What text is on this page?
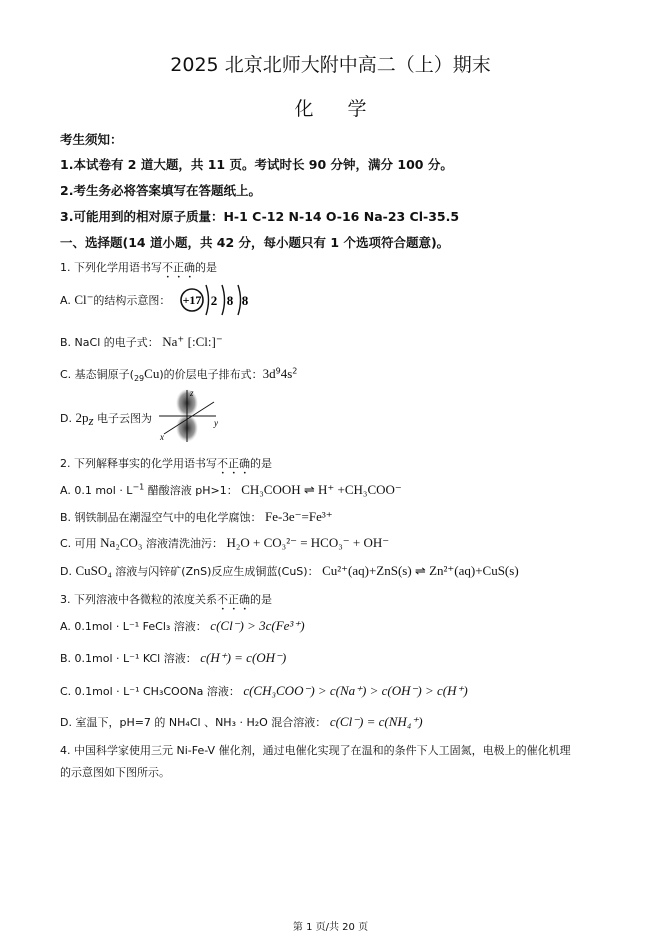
2025 北京北师大附中高二（上）期末
化学
考生须知：
1.本试卷有 2 道大题，共 11 页。考试时长 90 分钟，满分 100 分。
2.考生务必将答案填写在答题纸上。
3.可能用到的相对原子质量：H-1 C-12 N-14 O-16 Na-23 Cl-35.5
一、选择题(14 道小题，共 42 分，每小题只有 1 个选项符合题意)。
1. 下列化学用语书写不正确的是
A. Cl−的结构示意图： +17 2 8 8
B. NaCl 的电子式： Na+ [:Cl:]−
C. 基态铜原子$(_{29}Cu)$的价层电子排布式：$3d^94s^2$
D. $2p_z$ 电子云图为
x
y
z
2. 下列解释事实的化学用语书写不正确的是
A. 0.1 mol · $L^{-1}$ 醋酸溶液 pH>1： CH₃COOH ⇌ H⁺ +CH₃COO⁻
B. 钢铁制品在潮湿空气中的电化学腐蚀： Fe-3e⁻=Fe³⁺
C. 可用 Na₂CO₃ 溶液清洗油污： H₂O + CO₃²⁻ = HCO₃⁻ + OH⁻
D. CuSO₄ 溶液与闪锌矿(ZnS)反应生成铜蓝(CuS)： Cu²⁺(aq)+ZnS(s) ⇌ Zn²⁺(aq)+CuS(s)
3. 下列溶液中各微粒的浓度关系不正确的是
A. 0.1mol · L⁻¹ FeCl₃ 溶液： c(Cl⁻) > 3c(Fe³⁺)
B. 0.1mol · L⁻¹ KCl 溶液： c(H⁺) = c(OH⁻)
C. 0.1mol · L⁻¹ CH₃COONa 溶液： c(CH₃COO⁻) > c(Na⁺) > c(OH⁻) > c(H⁺)
D. 室温下，pH=7 的 NH₄Cl 、NH₃ · H₂O 混合溶液： c(Cl⁻) = c(NH₄⁺)
4. 中国科学家使用三元 Ni-Fe-V 催化剂，通过电催化实现了在温和的条件下人工固氮，电极上的催化机理
的示意图如下图所示。
第 1 页/共 20 页
